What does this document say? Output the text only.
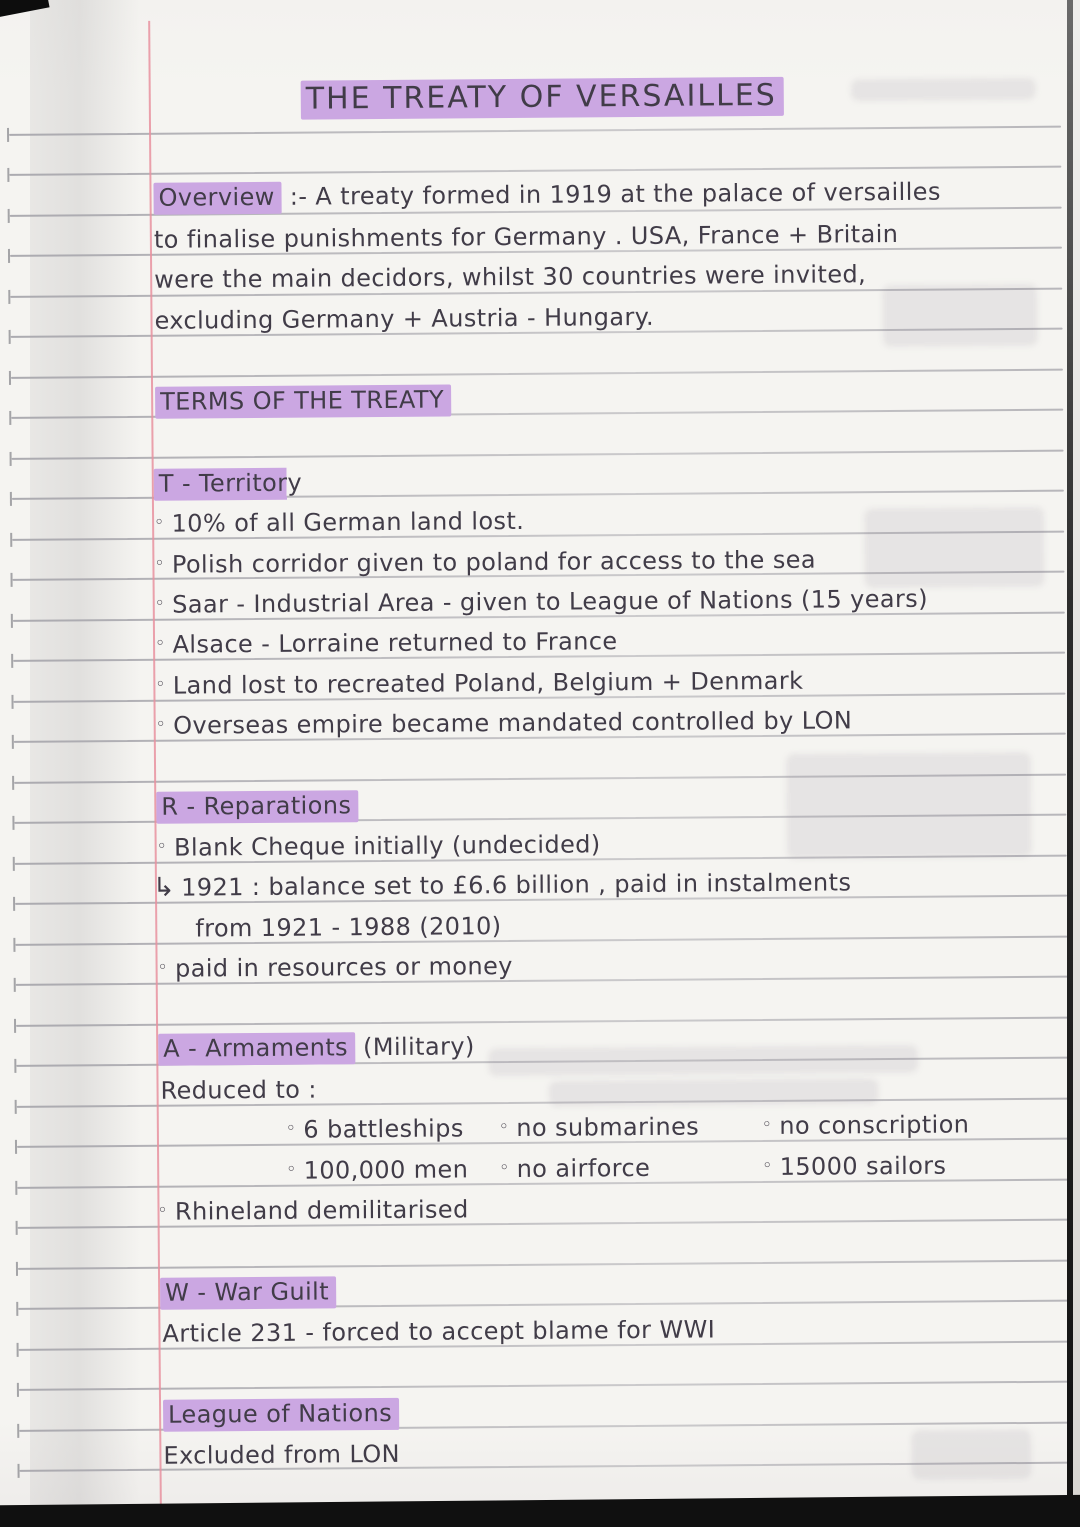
THE TREATY OF VERSAILLES
Overview :- A treaty formed in 1919 at the palace of versailles
to finalise punishments for Germany . USA, France + Britain
were the main decidors, whilst 30 countries were invited,
excluding Germany + Austria - Hungary.
TERMS OF THE TREATY
T - Territory
◦ 10% of all German land lost.
◦ Polish corridor given to poland for access to the sea
◦ Saar - Industrial Area - given to League of Nations (15 years)
◦ Alsace - Lorraine returned to France
◦ Land lost to recreated Poland, Belgium + Denmark
◦ Overseas empire became mandated controlled by LON
R - Reparations
◦ Blank Cheque initially (undecided)
↳ 1921 : balance set to £6.6 billion , paid in instalments
from 1921 - 1988 (2010)
◦ paid in resources or money
A - Armaments (Military)
Reduced to :
◦ 6 battleships ◦ no submarines	◦ no conscription
◦ 100,000 men ◦ no airforce	◦ 15000 sailors
◦ Rhineland demilitarised
W - War Guilt
Article 231 - forced to accept blame for WWI
League of Nations
Excluded from LON
